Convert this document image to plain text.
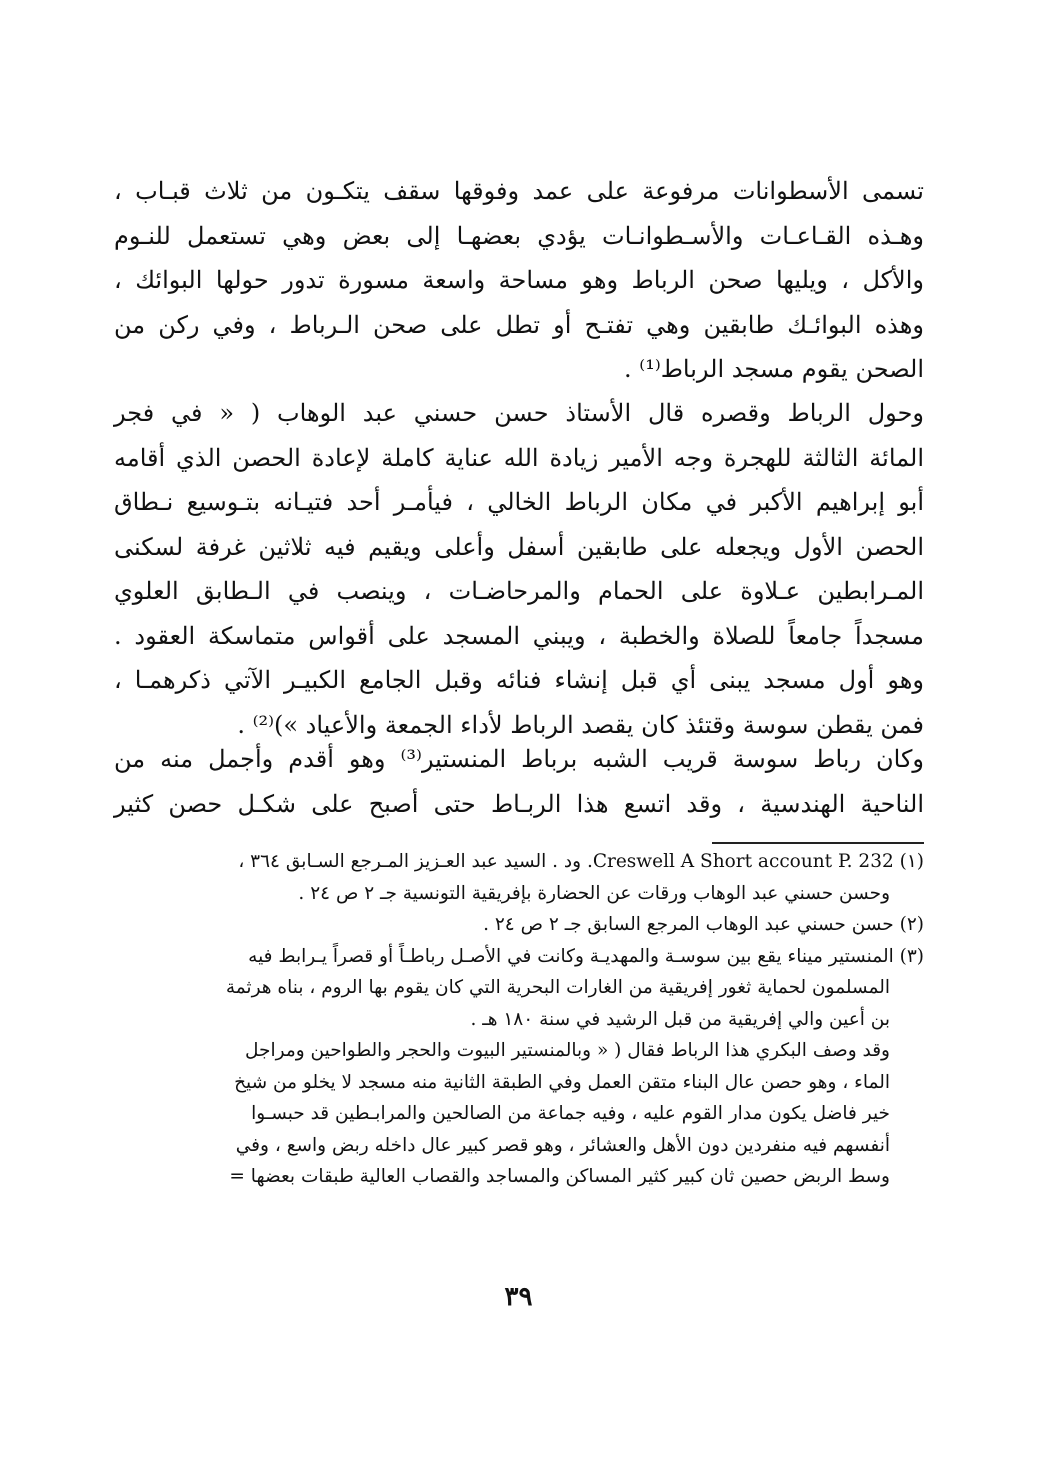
تسمى الأسطوانات مرفوعة على عمد وفوقها سقف يتكـون من ثلاث قبـاب ،
وهـذه القـاعـات والأسـطوانـات يؤدي بعضهـا إلى بعض وهي تستعمل للنـوم
والأكل ، ويليها صحن الرباط وهو مساحة واسعة مسورة تدور حولها البوائك ،
وهذه البوائـك طابقين وهي تفتـح أو تطل على صحن الـرباط ، وفي ركن من
الصحن يقوم مسجد الرباط⁽¹⁾ .
وحول الرباط وقصره قال الأستاذ حسن حسني عبد الوهاب ( « في فجر
المائة الثالثة للهجرة وجه الأمير زيادة الله عناية كاملة لإعادة الحصن الذي أقامه
أبو إبراهيم الأكبر في مكان الرباط الخالي ، فيأمـر أحد فتيـانه بتـوسيع نـطاق
الحصن الأول ويجعله على طابقين أسفل وأعلى ويقيم فيه ثلاثين غرفة لسكنى
المـرابطين عـلاوة على الحمام والمرحاضـات ، وينصب في الـطابق العلوي
مسجداً جامعاً للصلاة والخطبة ، ويبني المسجد على أقواس متماسكة العقود .
وهو أول مسجد يبنى أي قبل إنشاء فنائه وقبل الجامع الكبيـر الآتي ذكرهمـا ،
فمن يقطن سوسة وقتئذ كان يقصد الرباط لأداء الجمعة والأعياد »)⁽²⁾ .
وكان رباط سوسة قريب الشبه برباط المنستير⁽³⁾ وهو أقدم وأجمل منه من
الناحية الهندسية ، وقد اتسع هذا الربـاط حتى أصبح على شكـل حصن كثير
(١) Creswell A Short account P. 232. ود . السيد عبد العـزيز المـرجع السـابق ٣٦٤ ،
وحسن حسني عبد الوهاب ورقات عن الحضارة بإفريقية التونسية جـ ٢ ص ٢٤ .
(٢) حسن حسني عبد الوهاب المرجع السابق جـ ٢ ص ٢٤ .
(٣) المنستير ميناء يقع بين سوسـة والمهديـة وكانت في الأصـل رباطـاً أو قصراً يـرابط فيه
المسلمون لحماية ثغور إفريقية من الغارات البحرية التي كان يقوم بها الروم ، بناه هرثمة
بن أعين والي إفريقية من قبل الرشيد في سنة ١٨٠ هـ .
وقد وصف البكري هذا الرباط فقال ( « وبالمنستير البيوت والحجر والطواحين ومراجل
الماء ، وهو حصن عال البناء متقن العمل وفي الطبقة الثانية منه مسجد لا يخلو من شيخ
خير فاضل يكون مدار القوم عليه ، وفيه جماعة من الصالحين والمرابـطين قد حبسـوا
أنفسهم فيه منفردين دون الأهل والعشائر ، وهو قصر كبير عال داخله ربض واسع ، وفي
وسط الربض حصين ثان كبير كثير المساكن والمساجد والقصاب العالية طبقات بعضها =
٣٩
